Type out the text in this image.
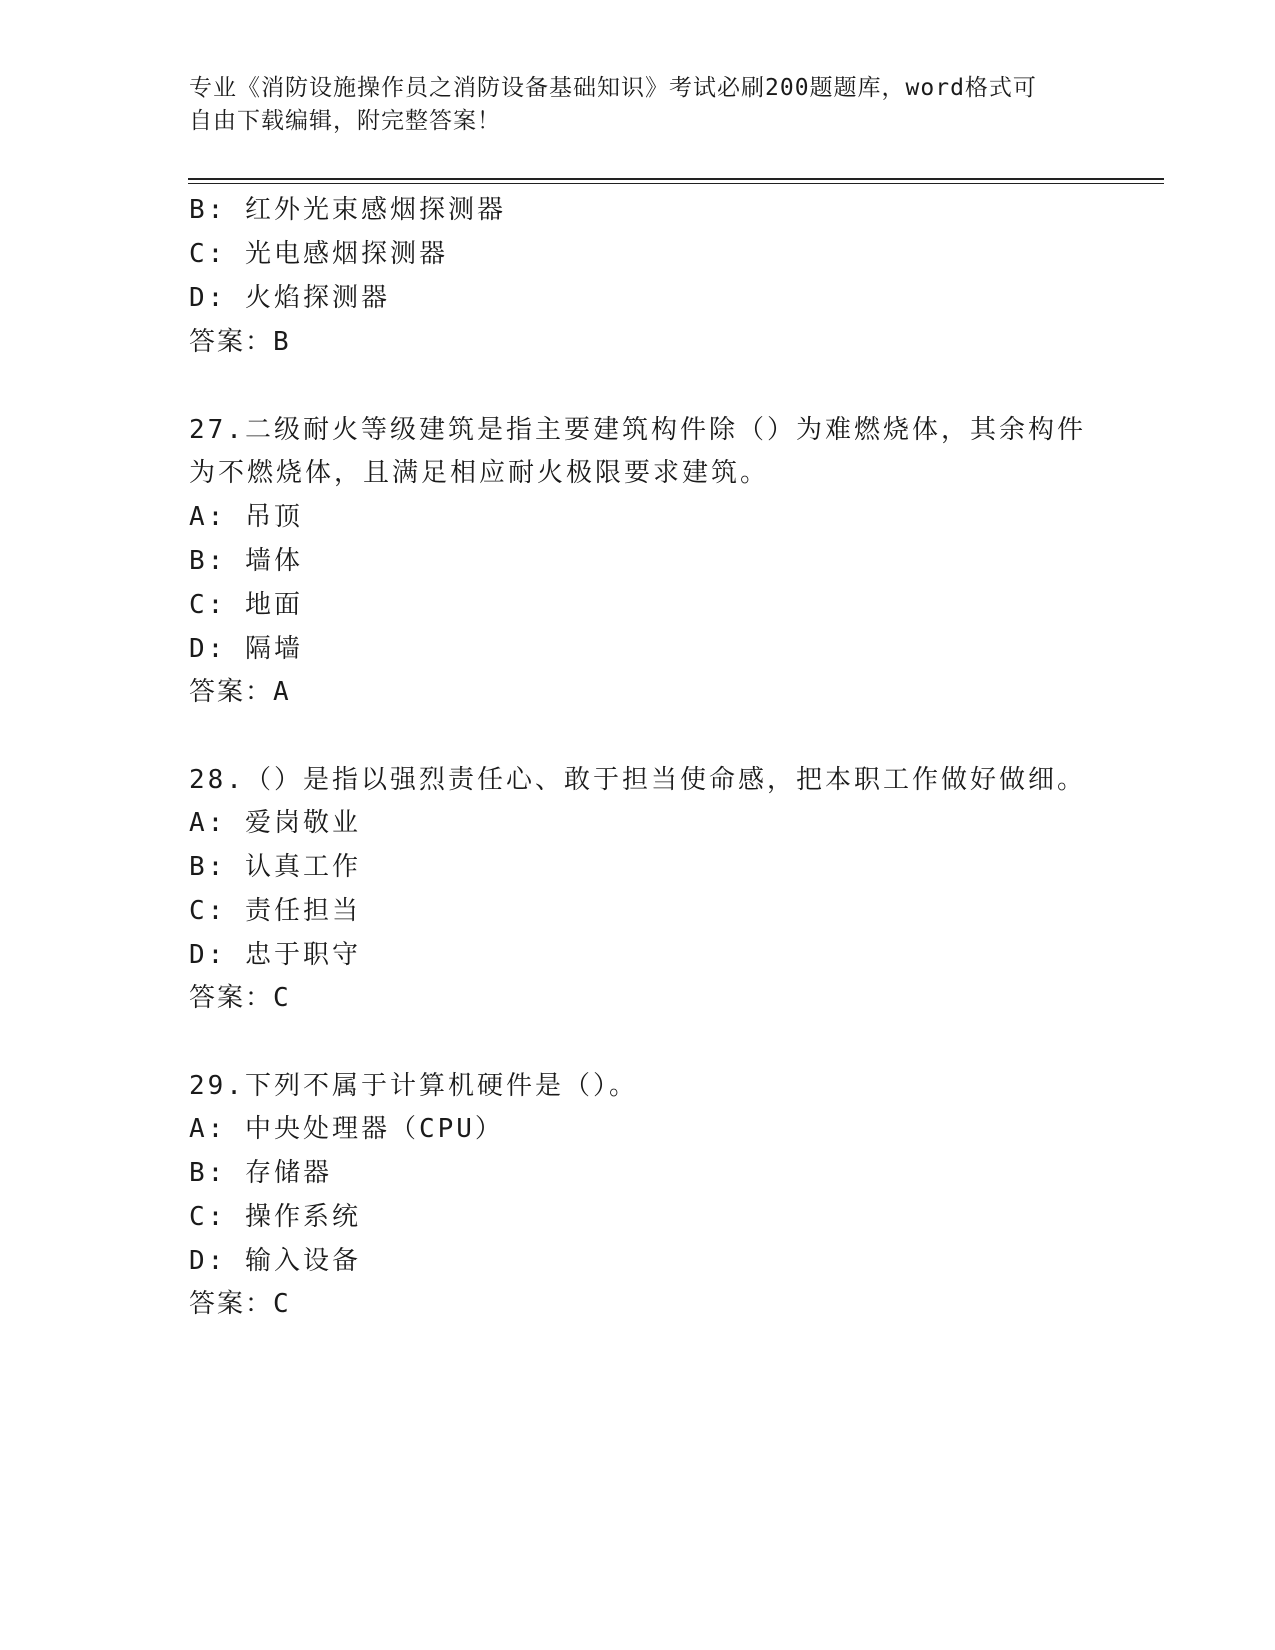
专业《消防设施操作员之消防设备基础知识》考试必刷200题题库，word格式可
自由下载编辑，附完整答案！
B: 红外光束感烟探测器
C: 光电感烟探测器
D: 火焰探测器
答案：B
27.二级耐火等级建筑是指主要建筑构件除（）为难燃烧体，其余构件
为不燃烧体，且满足相应耐火极限要求建筑。
A: 吊顶
B: 墙体
C: 地面
D: 隔墙
答案：A
28.（）是指以强烈责任心、敢于担当使命感，把本职工作做好做细。
A: 爱岗敬业
B: 认真工作
C: 责任担当
D: 忠于职守
答案：C
29.下列不属于计算机硬件是（）。
A: 中央处理器（CPU）
B: 存储器
C: 操作系统
D: 输入设备
答案：C
